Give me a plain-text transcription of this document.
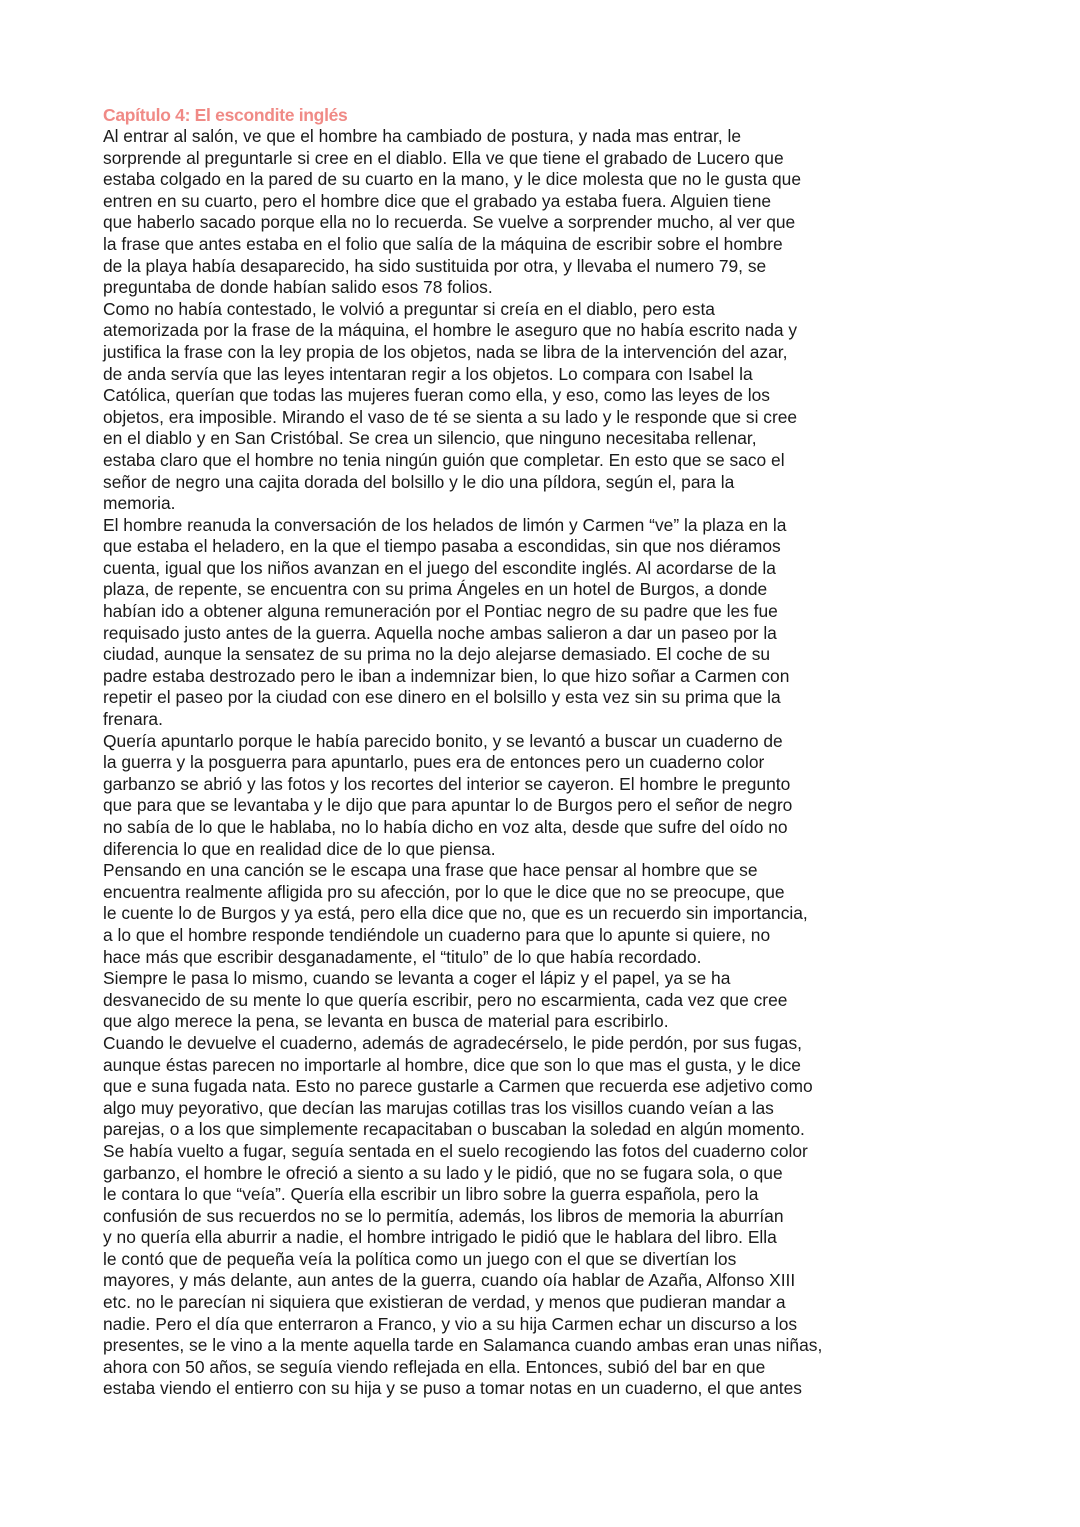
Capítulo 4: El escondite inglés

Al entrar al salón, ve que el hombre ha cambiado de postura, y nada mas entrar, le

sorprende al preguntarle si cree en el diablo. Ella ve que tiene el grabado de Lucero que

estaba colgado en la pared de su cuarto en la mano, y le dice molesta que no le gusta que

entren en su cuarto, pero el hombre dice que el grabado ya estaba fuera. Alguien tiene

que haberlo sacado porque ella no lo recuerda. Se vuelve a sorprender mucho, al ver que

la frase que antes estaba en el folio que salía de la máquina de escribir sobre el hombre

de la playa había desaparecido, ha sido sustituida por otra, y llevaba el numero 79, se

preguntaba de donde habían salido esos 78 folios.

Como no había contestado, le volvió a preguntar si creía en el diablo, pero esta

atemorizada por la frase de la máquina, el hombre le aseguro que no había escrito nada y

justifica la frase con la ley propia de los objetos, nada se libra de la intervención del azar,

de anda servía que las leyes intentaran regir a los objetos. Lo compara con Isabel la

Católica, querían que todas las mujeres fueran como ella, y eso, como las leyes de los

objetos, era imposible. Mirando el vaso de té se sienta a su lado y le responde que si cree

en el diablo y en San Cristóbal. Se crea un silencio, que ninguno necesitaba rellenar,

estaba claro que el hombre no tenia ningún guión que completar. En esto que se saco el

señor de negro una cajita dorada del bolsillo y le dio una píldora, según el, para la

memoria.

El hombre reanuda la conversación de los helados de limón y Carmen “ve” la plaza en la

que estaba el heladero, en la que el tiempo pasaba a escondidas, sin que nos diéramos

cuenta, igual que los niños avanzan en el juego del escondite inglés. Al acordarse de la

plaza, de repente, se encuentra con su prima Ángeles en un hotel de Burgos, a donde

habían ido a obtener alguna remuneración por el Pontiac negro de su padre que les fue

requisado justo antes de la guerra. Aquella noche ambas salieron a dar un paseo por la

ciudad, aunque la sensatez de su prima no la dejo alejarse demasiado. El coche de su

padre estaba destrozado pero le iban a indemnizar bien, lo que hizo soñar a Carmen con

repetir el paseo por la ciudad con ese dinero en el bolsillo y esta vez sin su prima que la

frenara.

Quería apuntarlo porque le había parecido bonito, y se levantó a buscar un cuaderno de

la guerra y la posguerra para apuntarlo, pues era de entonces pero un cuaderno color

garbanzo se abrió y las fotos y los recortes del interior se cayeron. El hombre le pregunto

que para que se levantaba y le dijo que para apuntar lo de Burgos pero el señor de negro

no sabía de lo que le hablaba, no lo había dicho en voz alta, desde que sufre del oído no

diferencia lo que en realidad dice de lo que piensa.

Pensando en una canción se le escapa una frase que hace pensar al hombre que se

encuentra realmente afligida pro su afección, por lo que le dice que no se preocupe, que

le cuente lo de Burgos y ya está, pero ella dice que no, que es un recuerdo sin importancia,

a lo que el hombre responde tendiéndole un cuaderno para que lo apunte si quiere, no

hace más que escribir desganadamente, el “titulo” de lo que había recordado.

Siempre le pasa lo mismo, cuando se levanta a coger el lápiz y el papel, ya se ha

desvanecido de su mente lo que quería escribir, pero no escarmienta, cada vez que cree

que algo merece la pena, se levanta en busca de material para escribirlo.

Cuando le devuelve el cuaderno, además de agradecérselo, le pide perdón, por sus fugas,

aunque éstas parecen no importarle al hombre, dice que son lo que mas el gusta, y le dice

que e suna fugada nata. Esto no parece gustarle a Carmen que recuerda ese adjetivo como

algo muy peyorativo, que decían las marujas cotillas tras los visillos cuando veían a las

parejas, o a los que simplemente recapacitaban o buscaban la soledad en algún momento.

Se había vuelto a fugar, seguía sentada en el suelo recogiendo las fotos del cuaderno color

garbanzo, el hombre le ofreció a siento a su lado y le pidió, que no se fugara sola, o que

le contara lo que “veía”. Quería ella escribir un libro sobre la guerra española, pero la

confusión de sus recuerdos no se lo permitía, además, los libros de memoria la aburrían

y no quería ella aburrir a nadie, el hombre intrigado le pidió que le hablara del libro. Ella

le contó que de pequeña veía la política como un juego con el que se divertían los

mayores, y más delante, aun antes de la guerra, cuando oía hablar de Azaña, Alfonso XIII

etc. no le parecían ni siquiera que existieran de verdad, y menos que pudieran mandar a

nadie. Pero el día que enterraron a Franco, y vio a su hija Carmen echar un discurso a los

presentes, se le vino a la mente aquella tarde en Salamanca cuando ambas eran unas niñas,

ahora con 50 años, se seguía viendo reflejada en ella. Entonces, subió del bar en que

estaba viendo el entierro con su hija y se puso a tomar notas en un cuaderno, el que antes
